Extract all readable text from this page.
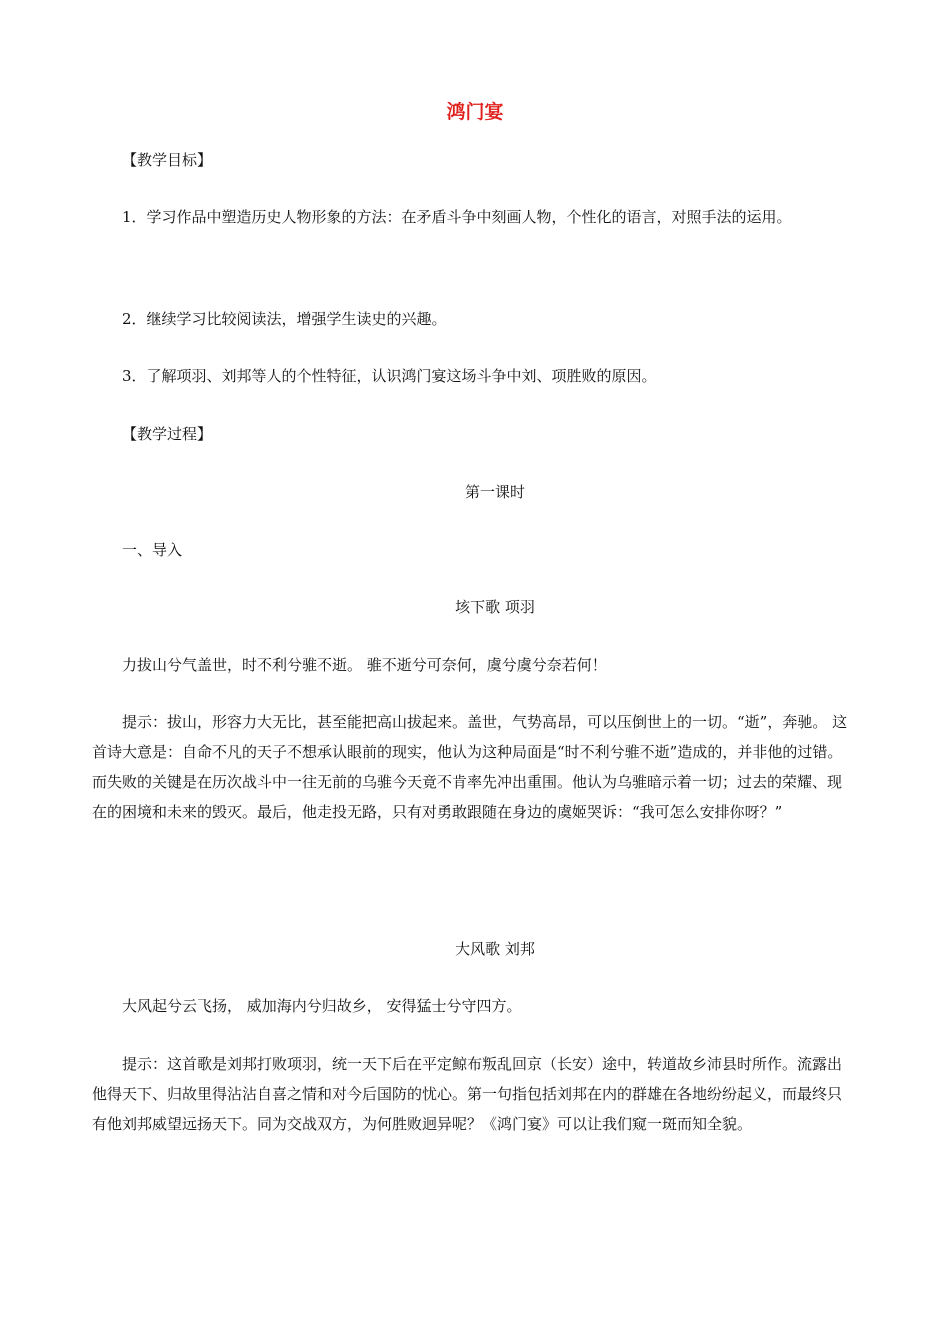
鸿门宴

【教学目标】

1．学习作品中塑造历史人物形象的方法：在矛盾斗争中刻画人物，个性化的语言，对照手法的运用。

2．继续学习比较阅读法，增强学生读史的兴趣。

3．了解项羽、刘邦等人的个性特征，认识鸿门宴这场斗争中刘、项胜败的原因。

【教学过程】

第一课时

一、导入

垓下歌 项羽

力拔山兮气盖世，时不利兮骓不逝。 骓不逝兮可奈何，虞兮虞兮奈若何！

提示：拔山，形容力大无比，甚至能把高山拔起来。盖世，气势高昂，可以压倒世上的一切。“逝”，奔驰。 这首诗大意是：自命不凡的天子不想承认眼前的现实，他认为这种局面是“时不利兮骓不逝”造成的，并非他的过错。而失败的关键是在历次战斗中一往无前的乌骓今天竟不肯率先冲出重围。他认为乌骓暗示着一切；过去的荣耀、现在的困境和未来的毁灭。最后，他走投无路，只有对勇敢跟随在身边的虞姬哭诉：“我可怎么安排你呀？”

大风歌 刘邦

大风起兮云飞扬， 威加海内兮归故乡， 安得猛士兮守四方。

提示：这首歌是刘邦打败项羽，统一天下后在平定鲸布叛乱回京（长安）途中，转道故乡沛县时所作。流露出他得天下、归故里得沾沾自喜之情和对今后国防的忧心。第一句指包括刘邦在内的群雄在各地纷纷起义，而最终只有他刘邦威望远扬天下。同为交战双方，为何胜败迥异呢？《鸿门宴》可以让我们窥一斑而知全貌。
